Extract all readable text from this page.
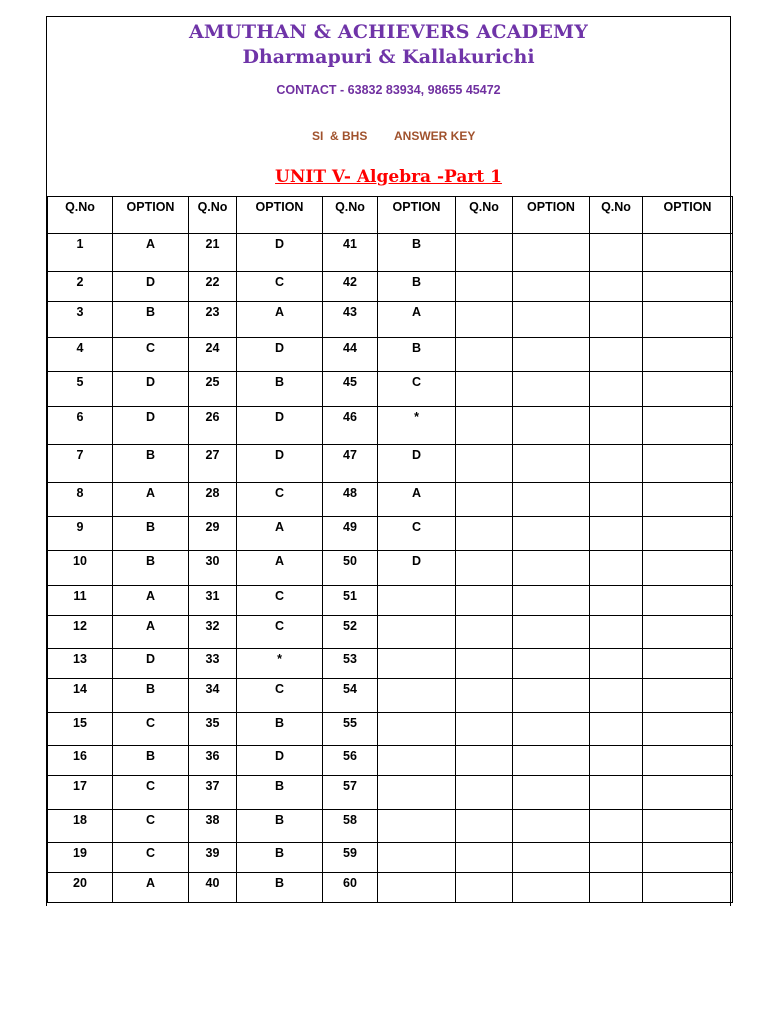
AMUTHAN & ACHIEVERS ACADEMY
Dharmapuri & Kallakurichi
CONTACT - 63832 83934, 98655 45472
SI  & BHS ANSWER KEY
UNIT V- Algebra -Part 1
Q.No	OPTION	Q.No	OPTION	Q.No	OPTION	Q.No	OPTION	Q.No	OPTION
1	A	21	D	41	B				
2	D	22	C	42	B				
3	B	23	A	43	A				
4	C	24	D	44	B				
5	D	25	B	45	C				
6	D	26	D	46	*				
7	B	27	D	47	D				
8	A	28	C	48	A				
9	B	29	A	49	C				
10	B	30	A	50	D				
11	A	31	C	51					
12	A	32	C	52					
13	D	33	*	53					
14	B	34	C	54					
15	C	35	B	55					
16	B	36	D	56					
17	C	37	B	57					
18	C	38	B	58					
19	C	39	B	59					
20	A	40	B	60					
